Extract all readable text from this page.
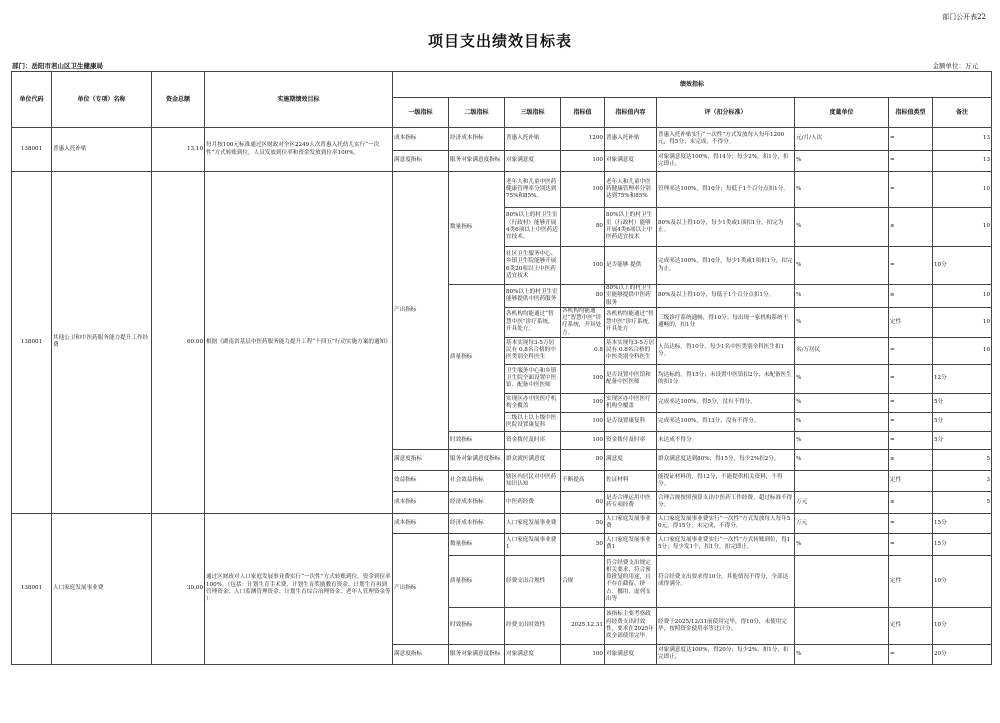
部门公开表22
项目支出绩效目标表
部门：岳阳市君山区卫生健康局	金额单位：万元
单位代码	单位（专项）名称	资金总额	实施期绩效目标	绩效指标								
				一级指标	二级指标	三级指标	指标值	指标值内容	评（扣分标准）	度量单位	指标值类型	备注
138001	普惠入托补贴	13.10	每月按100元标准通过区财政对全区2249人次普惠入托幼儿实行“一次性”方式转账到位，人员发放到位率和资金发放到位率100%。	成本指标	经济成本指标	普惠入托补贴	1200	普惠入托补贴	普惠入托补贴实行“一次性”方式发放每人每年1200元，得5分；未完成，不得分。	元/月/人次	=	13
				满意度指标	服务对象满意度指标	对象满意度	100	对象满意度	对象满意度达100%，得14分；每少2%，扣1分，扣完即止。	%	=	13
138001	其他公卫和中医药服务能力提升工作经费	60.00	根据《湖南省基层中医药服务能力提升工程“十四五”行动实施方案的通知》	产出指标	数量指标	老年人和儿童中医药健康管理率分别达到75%和85%。	100	老年人和儿童中医药健康管理率分别达到75%和85%	管理率达100%，得10分；每低于1个百分点扣1分。	%	=	10
						80%以上的村卫生室（行政村）能够开展4类6项以上中医药适宜技术。	80	80%以上的村卫生室（行政村）能够开展4类6项以上中医药适宜技术	80%及以上得10分，每少1类或1项扣1分，扣完为止。	%	≥	10
						社区卫生服务中心、乡镇卫生院能够开展6类20项以上中医药适宜技术	100	是否能够 提供	完成率达100%，得10分，每少1类或1项扣1分，扣完为止。	%	=	10分
					质量指标	80%以上的村卫生室能够提供中医药服务	80	80%以上的村卫生室能够提供中医药服务	80%及以上得10分，每低于1个百分点扣1分。	%	≥	10
						各机构均能通过“智慧中医”诊疗系统，开具处方。	各机构均能通过“智慧中医”诊疗系统，开具处方。	各机构均能通过“智慧中医”诊疗系统，开具处方	三级诊疗系统通畅，得10分；每出现一家机构系统不通畅的，扣1分	%	定性	10
						基本实现每3-5万居民有 0.8名合格的中医类别全科医生	0.8	基本实现每3-5万居民有 0.8名合格的中医类别全科医生	人员达标，得10分，每少1名中医类别全科医生扣1分。	名/万居民	=	10
						卫生服务中心和乡镇卫生院全面设置中医馆、配备中医医师	100	是否设置中医馆和配备中医医师	均达标的，得15分；未设置中医馆扣2分；未配备医生的扣1分	%	=	12分
						实现区办中医医疗机构全覆盖	100	实现区办中医医疗机构全覆盖	完成率达100%，得5分，没有不得分。	%	=	5分
						二级以上以上级中医医院设置康复科	100	是否设置康复科	完成率达100%，得13分，没有不得分。	%	=	5分
					时效指标	资金拨付及时率	100	资金拨付及时率	未达成不得分	%	=	5分
				满意度指标	服务对象满意度指标	群众就医满意度	80	满意度	群众满意度达到80%，得15分，每少2%扣2分。	%	≥	5
				效益指标	社会效益指标	辖区内居民对中医药知识认知	不断提高	佐证材料	能提证材料的，得12分，不能提供相关资料，不得分。		定性	3
				成本指标	经济成本指标	中医药经费	60	是否合理运用中医药专项经费	合理合规按照预算支出中医药工作经费，超过标准不得分。	万元	≤	5
138001	人口家庭发展事业费	30.00	通过区财政对人口家庭发展事业费实行“一次性”方式转账到位，资金到位率100%。（包括：计划生育手术费、计划生育奖励教育资金、计划生育再到管理资金、人口监测管理资金、计划生育综合治理资金、老年人管理资金等 ）	成本指标	经济成本指标	人口家庭发展事业费	50	人口家庭发展事业费	人口家庭发展事业费实行“一次性”方式发放每人每年50元，得15分；未完成，不得分。	万元	=	15分
				产出指标	数量指标	人口家庭发展事业费1	50	人口家庭发展事业费1	人口家庭发展事业费实行“一次性”方式转账到位，得15分；每少发1个，扣1分，扣完即止。	%	=	15分
					质量指标	经费支出合规性	合规	符合经费支出规定相关要求，符合预算批复的用途，且不存在截留、挤占、挪用、虚列支出等	符合经费支出要求得10分，其他情况不得分，全部达成得满分。		定性	10分
					时效指标	经费支出时效性	2025.12.31	该指标主要考察政府经费支出时效性，要求在2025年底全部使用完毕	经费于2025/12/31前使用完毕，得10分，未使用完毕，按照资金使用率等比计分。		定性	10分
				满意度指标	服务对象满意度指标	对象满意度	100	对象满意度	对象满意度达100%，得20分；每少2%，扣1分，扣完即止。	%	=	20分
